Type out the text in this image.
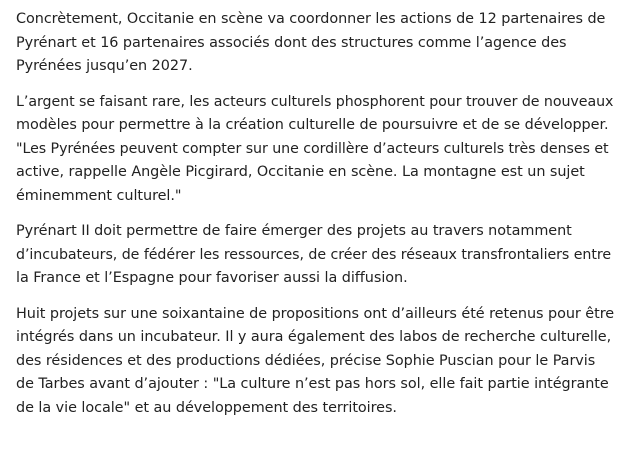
Concrètement, Occitanie en scène va coordonner les actions de 12 partenaires de
Pyrénart et 16 partenaires associés dont des structures comme l’agence des
Pyrénées jusqu’en 2027.

L’argent se faisant rare, les acteurs culturels phosphorent pour trouver de nouveaux
modèles pour permettre à la création culturelle de poursuivre et de se développer.
"Les Pyrénées peuvent compter sur une cordillère d’acteurs culturels très denses et
active, rappelle Angèle Picgirard, Occitanie en scène. La montagne est un sujet
éminemment culturel."

Pyrénart II doit permettre de faire émerger des projets au travers notamment
d’incubateurs, de fédérer les ressources, de créer des réseaux transfrontaliers entre
la France et l’Espagne pour favoriser aussi la diffusion.

Huit projets sur une soixantaine de propositions ont d’ailleurs été retenus pour être
intégrés dans un incubateur. Il y aura également des labos de recherche culturelle,
des résidences et des productions dédiées, précise Sophie Puscian pour le Parvis
de Tarbes avant d’ajouter : "La culture n’est pas hors sol, elle fait partie intégrante
de la vie locale" et au développement des territoires.
